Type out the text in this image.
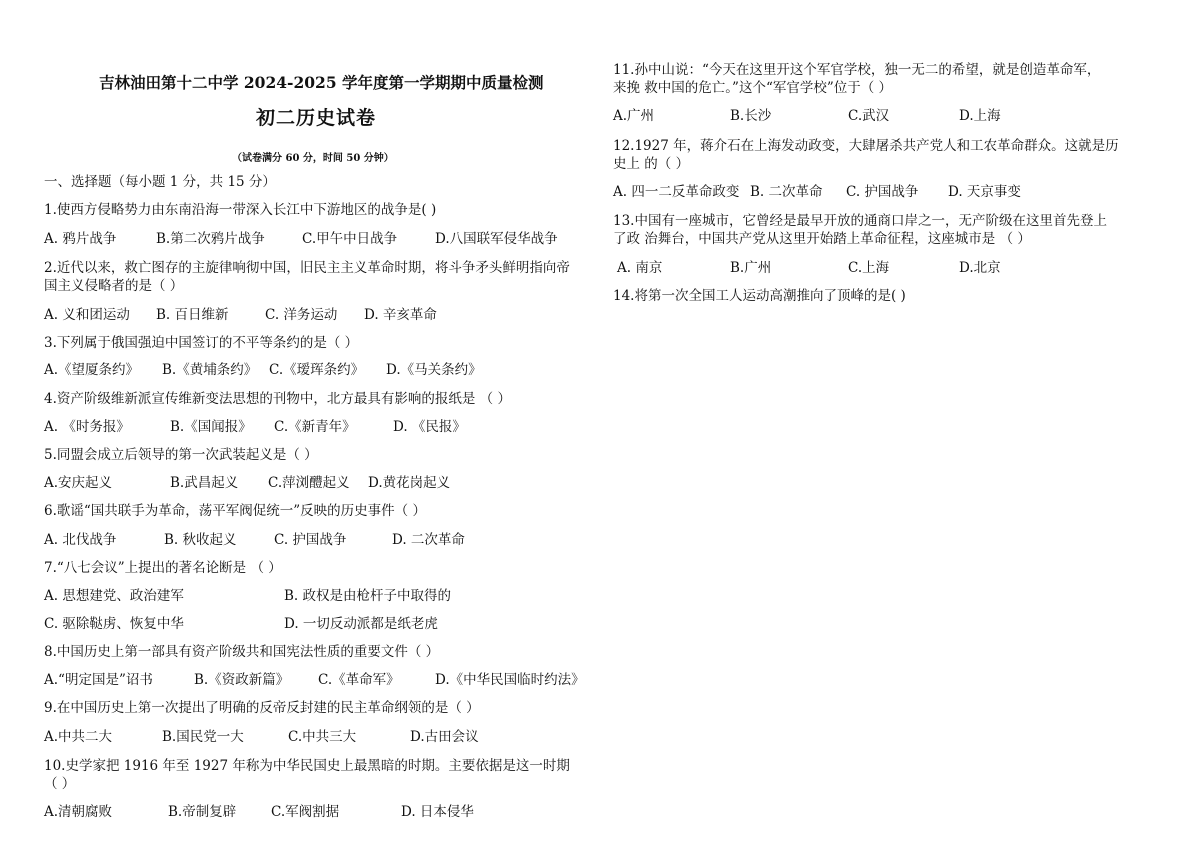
吉林油田第十二中学 2024-2025 学年度第一学期期中质量检测
初二历史试卷
（试卷满分 60 分，时间 50 分钟）
一、选择题（每小题 1 分，共 15 分）
1.使西方侵略势力由东南沿海一带深入长江中下游地区的战争是( )
A. 鸦片战争	B.第二次鸦片战争	C.甲午中日战争	D.八国联军侵华战争
2.近代以来，救亡图存的主旋律响彻中国，旧民主主义革命时期，将斗争矛头鲜明指向帝
国主义侵略者的是（ ）
A. 义和团运动 B. 百日维新	C. 洋务运动 D. 辛亥革命
3.下列属于俄国强迫中国签订的不平等条约的是（ ）
A.《望厦条约》 B.《黄埔条约》 C.《瑷珲条约》 D.《马关条约》
4.资产阶级维新派宣传维新变法思想的刊物中，北方最具有影响的报纸是 （ ）
A. 《时务报》	B.《国闻报》 C.《新青年》	D. 《民报》
5.同盟会成立后领导的第一次武装起义是（ ）
A.安庆起义	B.武昌起义 C.萍浏醴起义 D.黄花岗起义
6.歌谣“国共联手为革命，荡平军阀促统一”反映的历史事件（ ）
A. 北伐战争	B. 秋收起义	C. 护国战争	D. 二次革命
7.“八七会议”上提出的著名论断是 （ ）
A. 思想建党、政治建军	B. 政权是由枪杆子中取得的
C. 驱除鞑虏、恢复中华	D. 一切反动派都是纸老虎
8.中国历史上第一部具有资产阶级共和国宪法性质的重要文件（ ）
A.“明定国是”诏书	B.《资政新篇》 C.《革命军》	D.《中华民国临时约法》
9.在中国历史上第一次提出了明确的反帝反封建的民主革命纲领的是（ ）
A.中共二大	B.国民党一大	C.中共三大	D.古田会议
10.史学家把 1916 年至 1927 年称为中华民国史上最黑暗的时期。主要依据是这一时期
（ ）
A.清朝腐败	B.帝制复辟	C.军阀割据	D. 日本侵华
11.孙中山说：“今天在这里开这个军官学校，独一无二的希望，就是创造革命军，
来挽 救中国的危亡。”这个“军官学校”位于（ ）
A.广州	B.长沙	C.武汉	D.上海
12.1927 年，蒋介石在上海发动政变，大肆屠杀共产党人和工农革命群众。这就是历
史上 的（ ）
A. 四一二反革命政变 B. 二次革命 C. 护国战争 D. 天京事变
13.中国有一座城市，它曾经是最早开放的通商口岸之一，无产阶级在这里首先登上
了政 治舞台，中国共产党从这里开始踏上革命征程，这座城市是 （ ）
A. 南京	B.广州	C.上海	D.北京
14.将第一次全国工人运动高潮推向了顶峰的是( )
